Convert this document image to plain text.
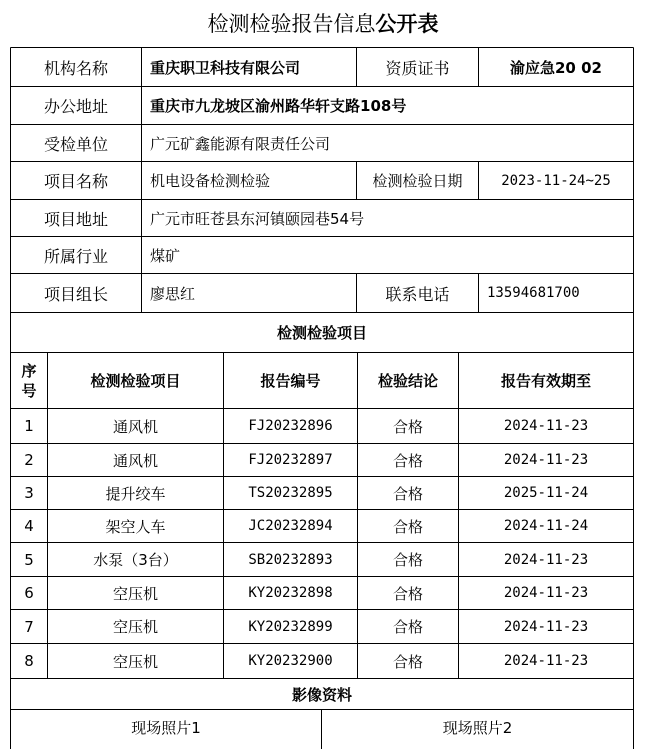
检测检验报告信息公开表
机构名称	重庆职卫科技有限公司	资质证书	渝应急20 02
办公地址	重庆市九龙坡区渝州路华轩支路108号
受检单位	广元矿鑫能源有限责任公司
项目名称	机电设备检测检验	检测检验日期	2023-11-24~25
项目地址	广元市旺苍县东河镇颐园巷54号
所属行业	煤矿
项目组长	廖思红	联系电话	13594681700
检测检验项目
序
号
检测检验项目	报告编号	检验结论	报告有效期至
1	通风机	FJ20232896	合格	2024-11-23
2	通风机	FJ20232897	合格	2024-11-23
3	提升绞车	TS20232895	合格	2025-11-24
4	架空人车	JC20232894	合格	2024-11-24
5	水泵（3台）	SB20232893	合格	2024-11-23
6	空压机	KY20232898	合格	2024-11-23
7	空压机	KY20232899	合格	2024-11-23
8	空压机	KY20232900	合格	2024-11-23
影像资料
现场照片1	现场照片2
